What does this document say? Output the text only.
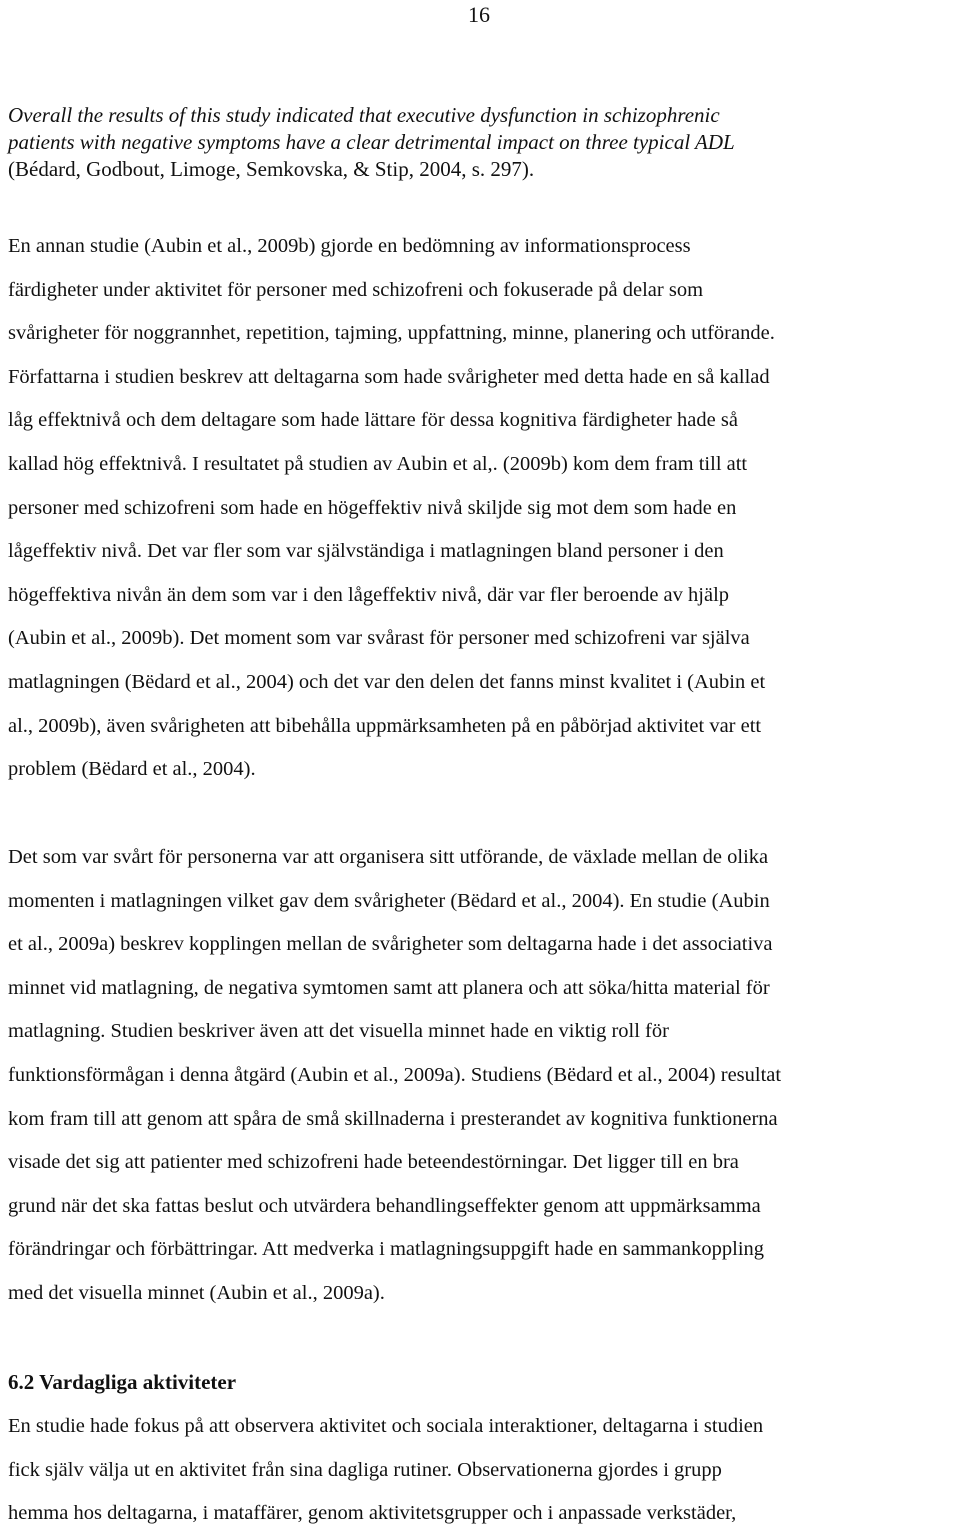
16
Overall the results of this study indicated that executive dysfunction in schizophrenic
patients with negative symptoms have a clear detrimental impact on three typical ADL
(Bédard, Godbout, Limoge, Semkovska, & Stip, 2004, s. 297).
En annan studie (Aubin et al., 2009b) gjorde en bedömning av informationsprocess
färdigheter under aktivitet för personer med schizofreni och fokuserade på delar som
svårigheter för noggrannhet, repetition, tajming, uppfattning, minne, planering och utförande.
Författarna i studien beskrev att deltagarna som hade svårigheter med detta hade en så kallad
låg effektnivå och dem deltagare som hade lättare för dessa kognitiva färdigheter hade så
kallad hög effektnivå. I resultatet på studien av Aubin et al,. (2009b) kom dem fram till att
personer med schizofreni som hade en högeffektiv nivå skiljde sig mot dem som hade en
lågeffektiv nivå. Det var fler som var självständiga i matlagningen bland personer i den
högeffektiva nivån än dem som var i den lågeffektiv nivå, där var fler beroende av hjälp
(Aubin et al., 2009b). Det moment som var svårast för personer med schizofreni var själva
matlagningen (Bëdard et al., 2004) och det var den delen det fanns minst kvalitet i (Aubin et
al., 2009b), även svårigheten att bibehålla uppmärksamheten på en påbörjad aktivitet var ett
problem (Bëdard et al., 2004).
Det som var svårt för personerna var att organisera sitt utförande, de växlade mellan de olika
momenten i matlagningen vilket gav dem svårigheter (Bëdard et al., 2004). En studie (Aubin
et al., 2009a) beskrev kopplingen mellan de svårigheter som deltagarna hade i det associativa
minnet vid matlagning, de negativa symtomen samt att planera och att söka/hitta material för
matlagning. Studien beskriver även att det visuella minnet hade en viktig roll för
funktionsförmågan i denna åtgärd (Aubin et al., 2009a). Studiens (Bëdard et al., 2004) resultat
kom fram till att genom att spåra de små skillnaderna i presterandet av kognitiva funktionerna
visade det sig att patienter med schizofreni hade beteendestörningar. Det ligger till en bra
grund när det ska fattas beslut och utvärdera behandlingseffekter genom att uppmärksamma
förändringar och förbättringar. Att medverka i matlagningsuppgift hade en sammankoppling
med det visuella minnet (Aubin et al., 2009a).
6.2 Vardagliga aktiviteter
En studie hade fokus på att observera aktivitet och sociala interaktioner, deltagarna i studien
fick själv välja ut en aktivitet från sina dagliga rutiner. Observationerna gjordes i grupp
hemma hos deltagarna, i mataffärer, genom aktivitetsgrupper och i anpassade verkstäder,
